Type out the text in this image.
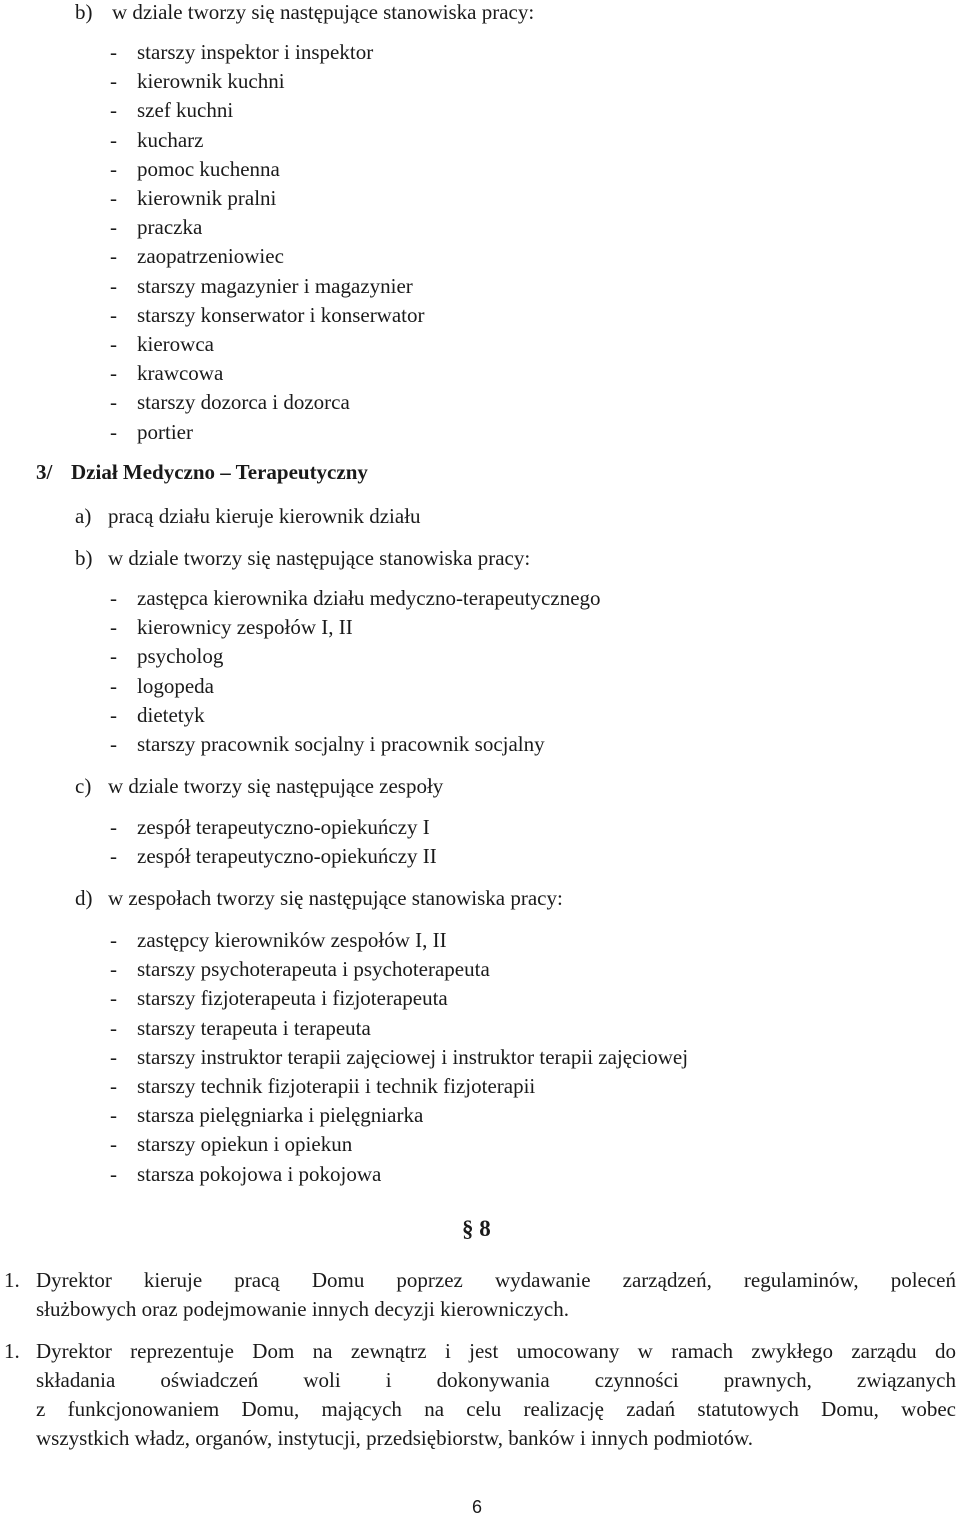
b) w dziale tworzy się następujące stanowiska pracy:
- starszy inspektor i inspektor
- kierownik kuchni
- szef kuchni
- kucharz
- pomoc kuchenna
- kierownik pralni
- praczka
- zaopatrzeniowiec
- starszy magazynier i magazynier
- starszy konserwator i konserwator
- kierowca
- krawcowa
- starszy dozorca i dozorca
- portier
3/ Dział Medyczno – Terapeutyczny
a) pracą działu kieruje kierownik działu
b) w dziale tworzy się następujące stanowiska pracy:
- zastępca kierownika działu medyczno-terapeutycznego
- kierownicy zespołów I, II
- psycholog
- logopeda
- dietetyk
- starszy pracownik socjalny i pracownik socjalny
c) w dziale tworzy się następujące zespoły
- zespół terapeutyczno-opiekuńczy I
- zespół terapeutyczno-opiekuńczy II
d) w zespołach tworzy się następujące stanowiska pracy:
- zastępcy kierowników zespołów I, II
- starszy psychoterapeuta i psychoterapeuta
- starszy fizjoterapeuta i fizjoterapeuta
- starszy terapeuta i terapeuta
- starszy instruktor terapii zajęciowej i instruktor terapii zajęciowej
- starszy technik fizjoterapii i technik fizjoterapii
- starsza pielęgniarka i pielęgniarka
- starszy opiekun i opiekun
- starsza pokojowa i pokojowa
§ 8
1. Dyrektor kieruje pracą Domu poprzez wydawanie zarządzeń, regulaminów, poleceń
służbowych oraz podejmowanie innych decyzji kierowniczych.
1. Dyrektor reprezentuje Dom na zewnątrz i jest umocowany w ramach zwykłego zarządu do
składania oświadczeń woli i dokonywania czynności prawnych, związanych
z funkcjonowaniem Domu, mających na celu realizację zadań statutowych Domu, wobec
wszystkich władz, organów, instytucji, przedsiębiorstw, banków i innych podmiotów.
6
